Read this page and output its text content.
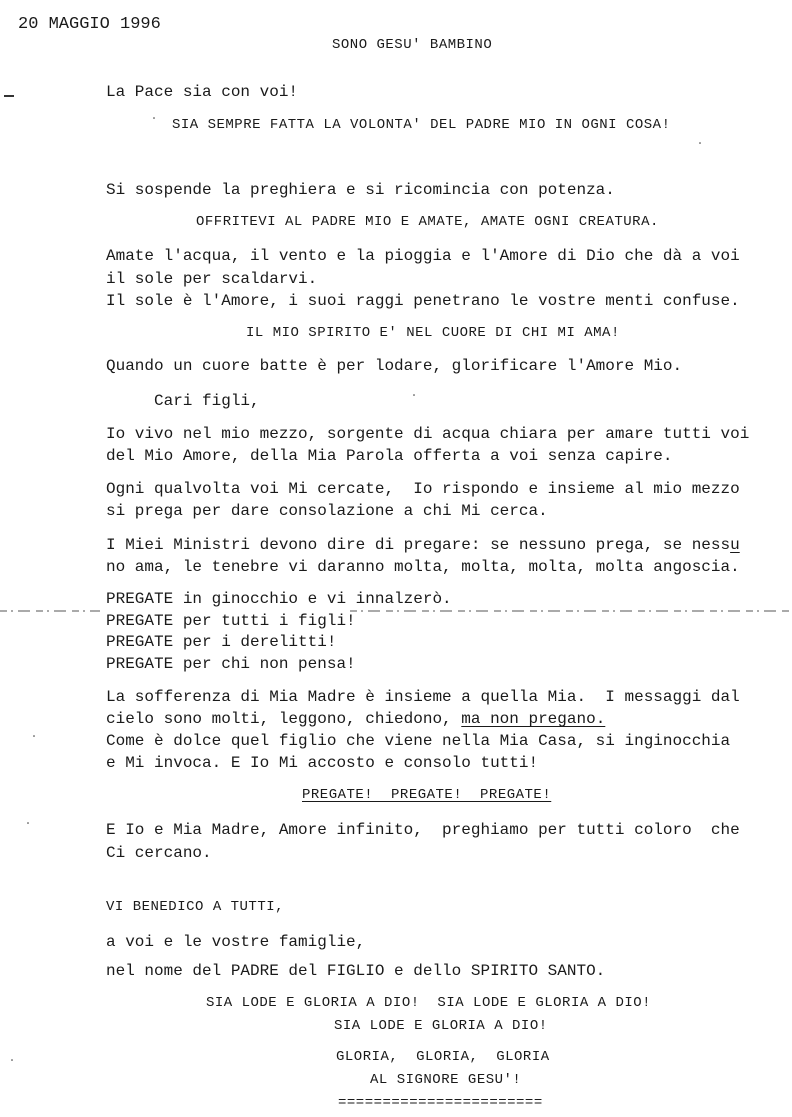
20 MAGGIO 1996
SONO GESU' BAMBINO
La Pace sia con voi!
SIA SEMPRE FATTA LA VOLONTA' DEL PADRE MIO IN OGNI COSA!
Si sospende la preghiera e si ricomincia con potenza.
OFFRITEVI AL PADRE MIO E AMATE, AMATE OGNI CREATURA.
Amate l'acqua, il vento e la pioggia e l'Amore di Dio che dà a voi
il sole per scaldarvi.
Il sole è l'Amore, i suoi raggi penetrano le vostre menti confuse.
IL MIO SPIRITO E' NEL CUORE DI CHI MI AMA!
Quando un cuore batte è per lodare, glorificare l'Amore Mio.
Cari figli,
Io vivo nel mio mezzo, sorgente di acqua chiara per amare tutti voi
del Mio Amore, della Mia Parola offerta a voi senza capire.
Ogni qualvolta voi Mi cercate,  Io rispondo e insieme al mio mezzo
si prega per dare consolazione a chi Mi cerca.
I Miei Ministri devono dire di pregare: se nessuno prega, se nessu
no ama, le tenebre vi daranno molta, molta, molta, molta angoscia.
PREGATE in ginocchio e vi innalzerò.
PREGATE per tutti i figli!
PREGATE per i derelitti!
PREGATE per chi non pensa!
La sofferenza di Mia Madre è insieme a quella Mia.  I messaggi dal
cielo sono molti, leggono, chiedono, ma non pregano.
Come è dolce quel figlio che viene nella Mia Casa, si inginocchia
e Mi invoca. E Io Mi accosto e consolo tutti!
PREGATE!  PREGATE!  PREGATE!
E Io e Mia Madre, Amore infinito,  preghiamo per tutti coloro  che
Ci cercano.
VI BENEDICO A TUTTI,
a voi e le vostre famiglie,
nel nome del PADRE del FIGLIO e dello SPIRITO SANTO.
SIA LODE E GLORIA A DIO!  SIA LODE E GLORIA A DIO!
SIA LODE E GLORIA A DIO!
GLORIA,  GLORIA,  GLORIA
AL SIGNORE GESU'!
=======================
